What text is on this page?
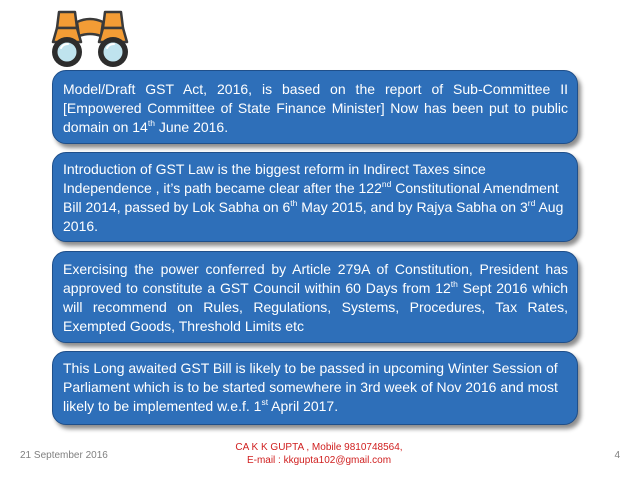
Model/Draft GST Act, 2016, is based on the report of Sub-Committee II [Empowered Committee of State Finance Minister] Now has been put to public domain on 14th June 2016.

Introduction of GST Law is the biggest reform in Indirect Taxes since Independence , it’s path became clear after the 122nd Constitutional Amendment Bill 2014, passed by Lok Sabha on 6th May 2015, and by Rajya Sabha on 3rd Aug 2016.

Exercising the power conferred by Article 279A of Constitution, President has approved to constitute a GST Council within 60 Days from 12th Sept 2016 which will recommend on Rules, Regulations, Systems, Procedures, Tax Rates, Exempted Goods, Threshold Limits etc

This Long awaited GST Bill is likely to be passed in upcoming Winter Session of Parliament which is to be started somewhere in 3rd week of Nov 2016 and most likely to be implemented w.e.f. 1st April 2017.

21 September 2016
CA K K GUPTA , Mobile 9810748564,
E-mail : kkgupta102@gmail.com	4
